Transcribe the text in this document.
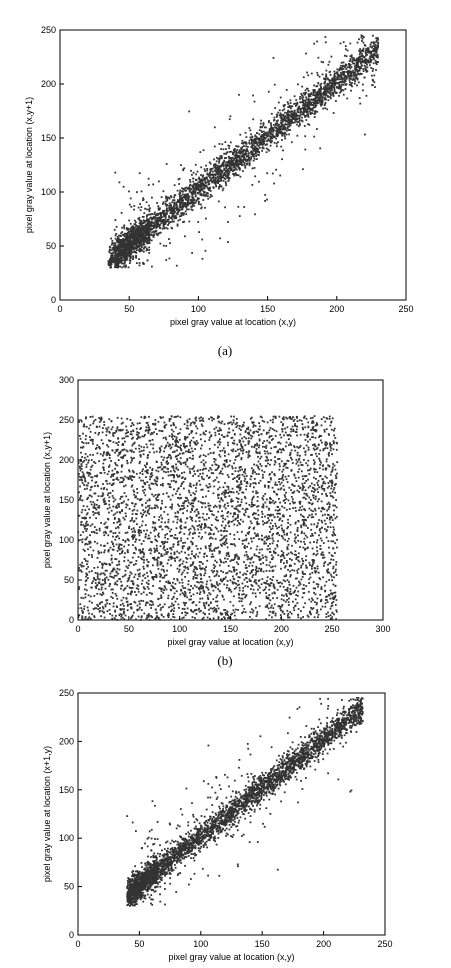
0	50	100	150	200	250
0
50
100
150
200
250
pixel gray value at location (x,y)
pixel gray value at location (x,y+1)
(a)
0	50	100	150	200	250	300
0
50
100
150
200
250
300
pixel gray value at location (x,y)
pixel gray value at location (x,y+1)
(b)
0	50	100	150	200	250
0
50
100
150
200
250
pixel gray value at location (x,y)
pixel gray value at location (x+1,y)
